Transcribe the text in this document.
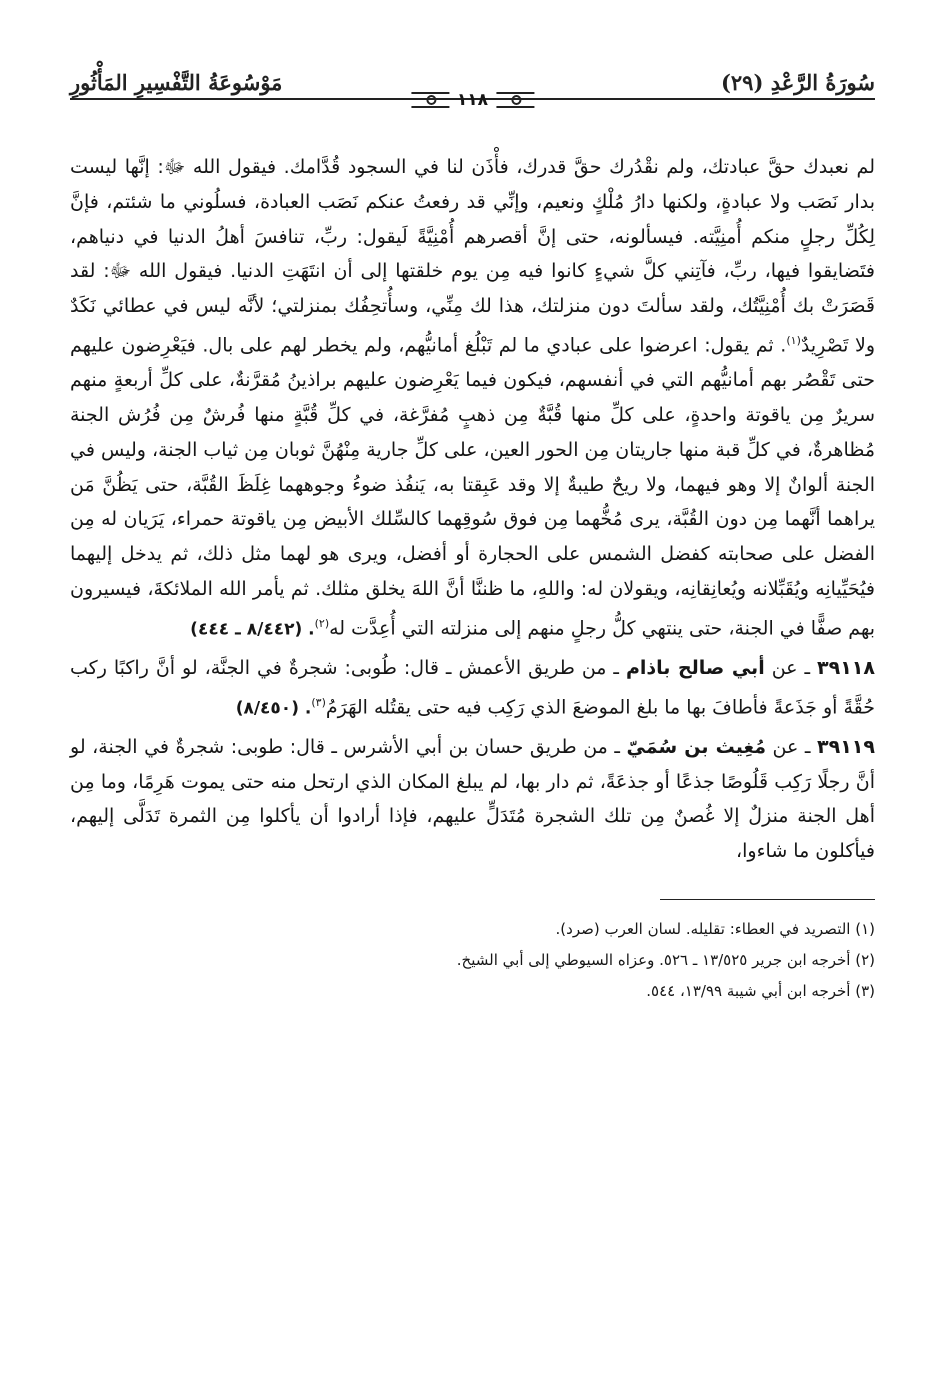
سُورَةُ الرَّعْدِ (٢٩)
مَوْسُوعَةُ التَّفْسِيرِ المَأْثُورِ
١١٨

لم نعبدك حقَّ عبادتك، ولم نقْدُرك حقَّ قدرك، فأْذَن لنا في السجود قُدَّامك. فيقول الله ﷻ: إنَّها ليست بدار نَصَب ولا عبادةٍ، ولكنها دارُ مُلْكٍ ونعيم، وإنِّي قد رفعتُ عنكم نَصَب العبادة، فسلُوني ما شئتم، فإنَّ لِكُلِّ رجلٍ منكم أُمنِيَّته. فيسألونه، حتى إنَّ أقصرهم أُمْنِيَّةً لَيقول: ربِّ، تنافسَ أهلُ الدنيا في دنياهم، فتَضايقوا فيها، ربِّ، فآتِني كلَّ شيءٍ كانوا فيه مِن يوم خلقتها إلى أن انتَهَتِ الدنيا. فيقول الله ﷻ: لقد قَصَرَتْ بك أُمْنِيَّتُك، ولقد سألتَ دون منزلتك، هذا لك مِنِّي، وسأُتحِفُك بمنزلتي؛ لأنَّه ليس في عطائي نَكَدٌ ولا تَصْرِيدٌ$^{(١)}$. ثم يقول: اعرضوا على عبادي ما لم تَبْلُغ أمانيُّهم، ولم يخطر لهم على بال. فيَعْرِضون عليهم حتى تَقْصُر بهم أمانيُّهم التي في أنفسهم، فيكون فيما يَعْرِضون عليهم براذينُ مُقرَّنةٌ، على كلِّ أربعةٍ منهم سريرٌ مِن ياقوتة واحدةٍ، على كلِّ منها قُبَّةٌ مِن ذهبٍ مُفرَّغة، في كلِّ قُبَّةٍ منها فُرشٌ مِن فُرُش الجنة مُظاهرةٌ، في كلِّ قبة منها جاريتان مِن الحور العين، على كلِّ جارية مِنْهُنَّ ثوبان مِن ثياب الجنة، وليس في الجنة ألوانٌ إلا وهو فيهما، ولا ريحٌ طيبةٌ إلا وقد عَبِقتا به، يَنفُذ ضوءُ وجوههما غِلَظَ القُبَّة، حتى يَظُنَّ مَن يراهما أنَّهما مِن دون القُبَّة، يرى مُخُّهما مِن فوق سُوقِهما كالسِّلك الأبيض مِن ياقوتة حمراء، يَرَيان له مِن الفضل على صحابته كفضل الشمس على الحجارة أو أفضل، ويرى هو لهما مثل ذلك، ثم يدخل إليهما فيُحَيِّيانِه ويُقَبِّلانه ويُعانِقانِه، ويقولان له: واللهِ، ما ظننَّا أنَّ اللهَ يخلق مثلك. ثم يأمر الله الملائكةَ، فيسيرون بهم صفًّا في الجنة، حتى ينتهي كلُّ رجلٍ منهم إلى منزلته التي أُعِدَّت له$^{(٢)}$. (٨/٤٤٢ ـ ٤٤٤)

٣٩١١٨ ـ عن أبي صالح باذام ـ من طريق الأعمش ـ قال: طُوبى: شجرةٌ في الجنَّة، لو أنَّ راكبًا ركب حُقَّةً أو جَذَعةً فأطافَ بها ما بلغ الموضعَ الذي رَكِب فيه حتى يقتُله الهَرَمُ$^{(٣)}$. (٨/٤٥٠)

٣٩١١٩ ـ عن مُغِيث بن سُمَيّ ـ من طريق حسان بن أبي الأشرس ـ قال: طوبى: شجرةٌ في الجنة، لو أنَّ رجلًا رَكِب قَلُوصًا جذعًا أو جذعَةً، ثم دار بها، لم يبلغ المكان الذي ارتحل منه حتى يموت هَرِمًا، وما مِن أهل الجنة منزلٌ إلا غُصنٌ مِن تلك الشجرة مُتَدَلٍّ عليهم، فإذا أرادوا أن يأكلوا مِن الثمرة تَدَلَّى إليهم، فيأكلون ما شاءوا،

(١) التصريد في العطاء: تقليله. لسان العرب (صرد).
(٢) أخرجه ابن جرير ١٣/٥٢٥ ـ ٥٢٦. وعزاه السيوطي إلى أبي الشيخ.
(٣) أخرجه ابن أبي شيبة ١٣/٩٩، ٥٤٤.
